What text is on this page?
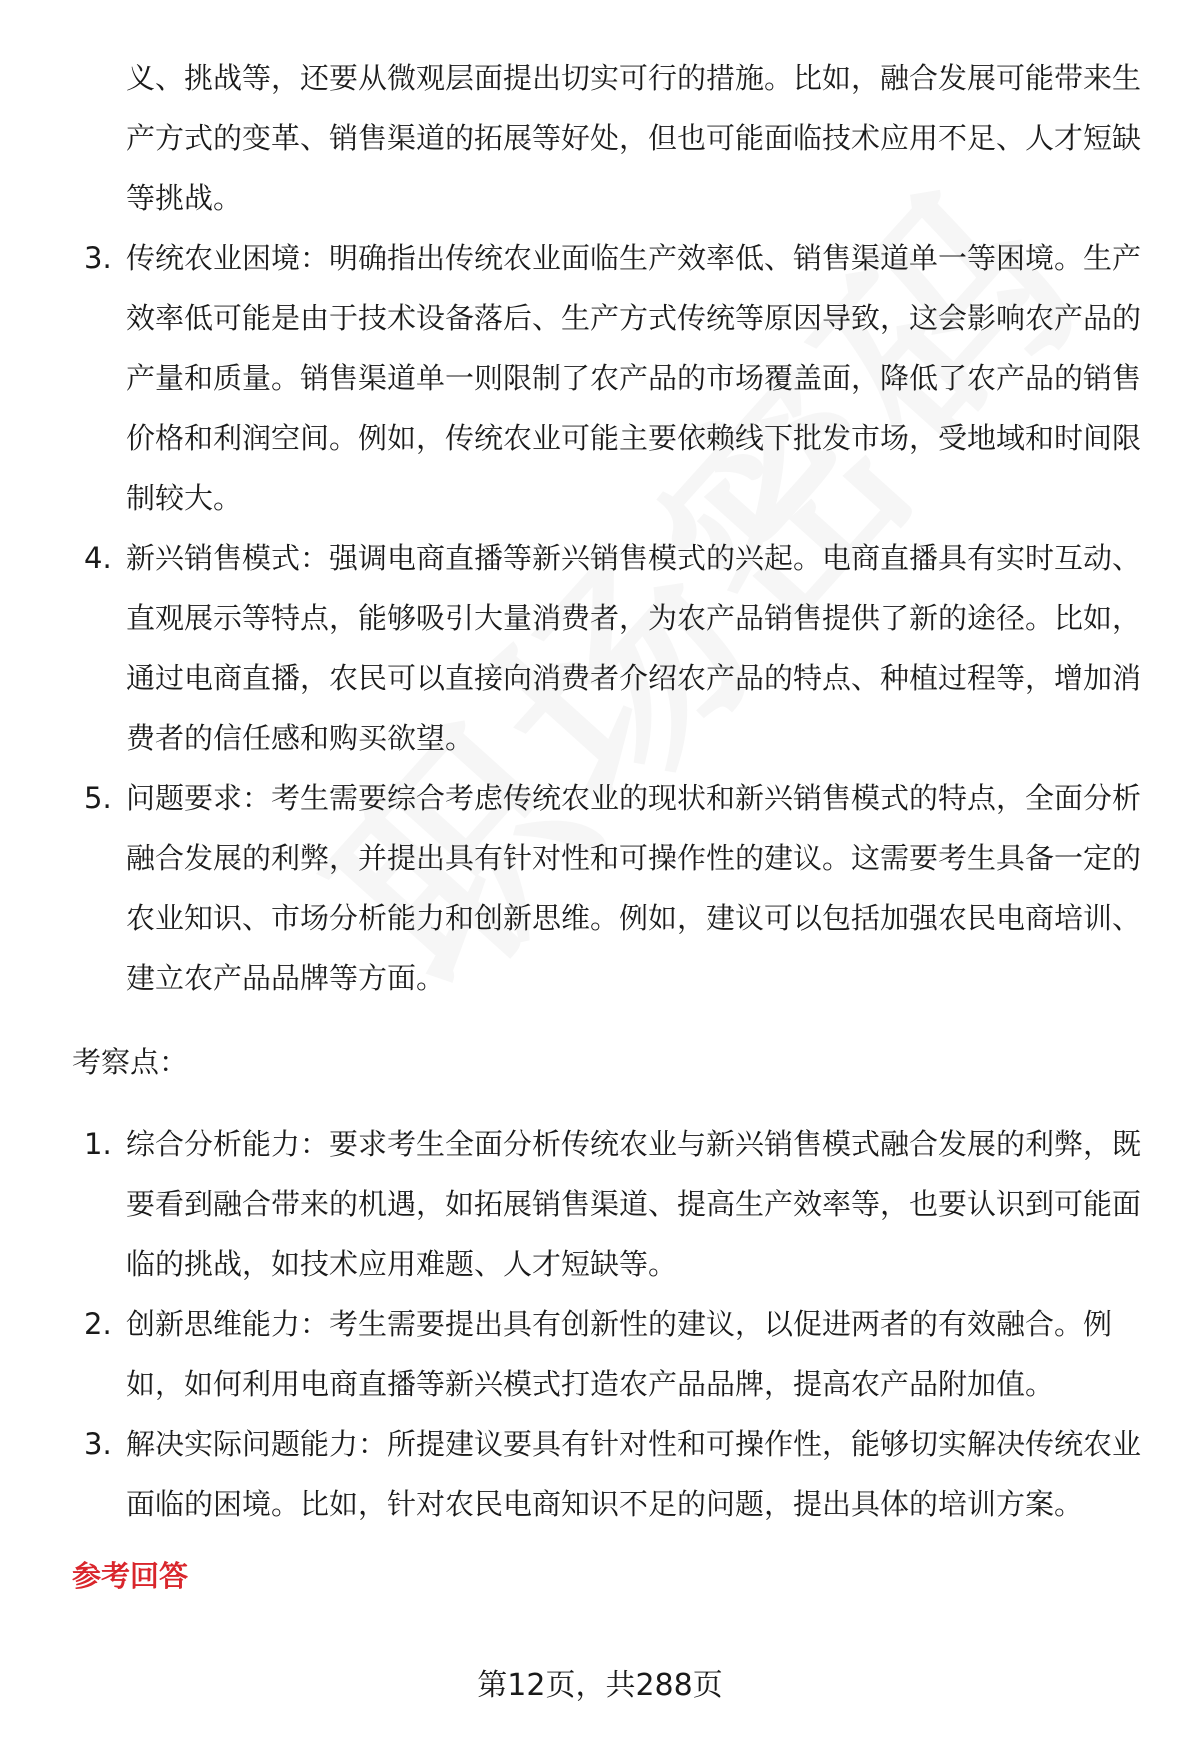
义、挑战等，还要从微观层面提出切实可行的措施。比如，融合发展可能带来生产方式的变革、销售渠道的拓展等好处，但也可能面临技术应用不足、人才短缺等挑战。
3. 传统农业困境：明确指出传统农业面临生产效率低、销售渠道单一等困境。生产效率低可能是由于技术设备落后、生产方式传统等原因导致，这会影响农产品的产量和质量。销售渠道单一则限制了农产品的市场覆盖面，降低了农产品的销售价格和利润空间。例如，传统农业可能主要依赖线下批发市场，受地域和时间限制较大。
4. 新兴销售模式：强调电商直播等新兴销售模式的兴起。电商直播具有实时互动、直观展示等特点，能够吸引大量消费者，为农产品销售提供了新的途径。比如，通过电商直播，农民可以直接向消费者介绍农产品的特点、种植过程等，增加消费者的信任感和购买欲望。
5. 问题要求：考生需要综合考虑传统农业的现状和新兴销售模式的特点，全面分析融合发展的利弊，并提出具有针对性和可操作性的建议。这需要考生具备一定的农业知识、市场分析能力和创新思维。例如，建议可以包括加强农民电商培训、建立农产品品牌等方面。
考察点：
1. 综合分析能力：要求考生全面分析传统农业与新兴销售模式融合发展的利弊，既要看到融合带来的机遇，如拓展销售渠道、提高生产效率等，也要认识到可能面临的挑战，如技术应用难题、人才短缺等。
2. 创新思维能力：考生需要提出具有创新性的建议，以促进两者的有效融合。例如，如何利用电商直播等新兴模式打造农产品品牌，提高农产品附加值。
3. 解决实际问题能力：所提建议要具有针对性和可操作性，能够切实解决传统农业面临的困境。比如，针对农民电商知识不足的问题，提出具体的培训方案。
参考回答
第12页，共288页
